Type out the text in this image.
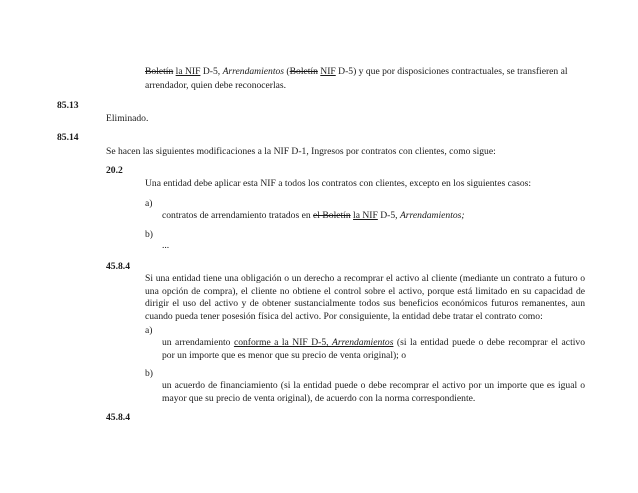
Boletín la NIF D-5, Arrendamientos (Boletín NIF D-5) y que por disposiciones contractuales, se transfieren al
arrendador, quien debe reconocerlas.
85.13
Eliminado.
85.14
Se hacen las siguientes modificaciones a la NIF D-1, Ingresos por contratos con clientes, como sigue:
20.2
Una entidad debe aplicar esta NIF a todos los contratos con clientes, excepto en los siguientes casos:
a)
contratos de arrendamiento tratados en el Boletín la NIF D-5, Arrendamientos;
b)
...
45.8.4
Si una entidad tiene una obligación o un derecho a recomprar el activo al cliente (mediante un contrato a futuro o
una opción de compra), el cliente no obtiene el control sobre el activo, porque está limitado en su capacidad de
dirigir el uso del activo y de obtener sustancialmente todos sus beneficios económicos futuros remanentes, aun
cuando pueda tener posesión física del activo. Por consiguiente, la entidad debe tratar el contrato como:
a)
un arrendamiento conforme a la NIF D-5, Arrendamientos (si la entidad puede o debe recomprar el activo
por un importe que es menor que su precio de venta original); o
b)
un acuerdo de financiamiento (si la entidad puede o debe recomprar el activo por un importe que es igual o
mayor que su precio de venta original), de acuerdo con la norma correspondiente.
45.8.4
